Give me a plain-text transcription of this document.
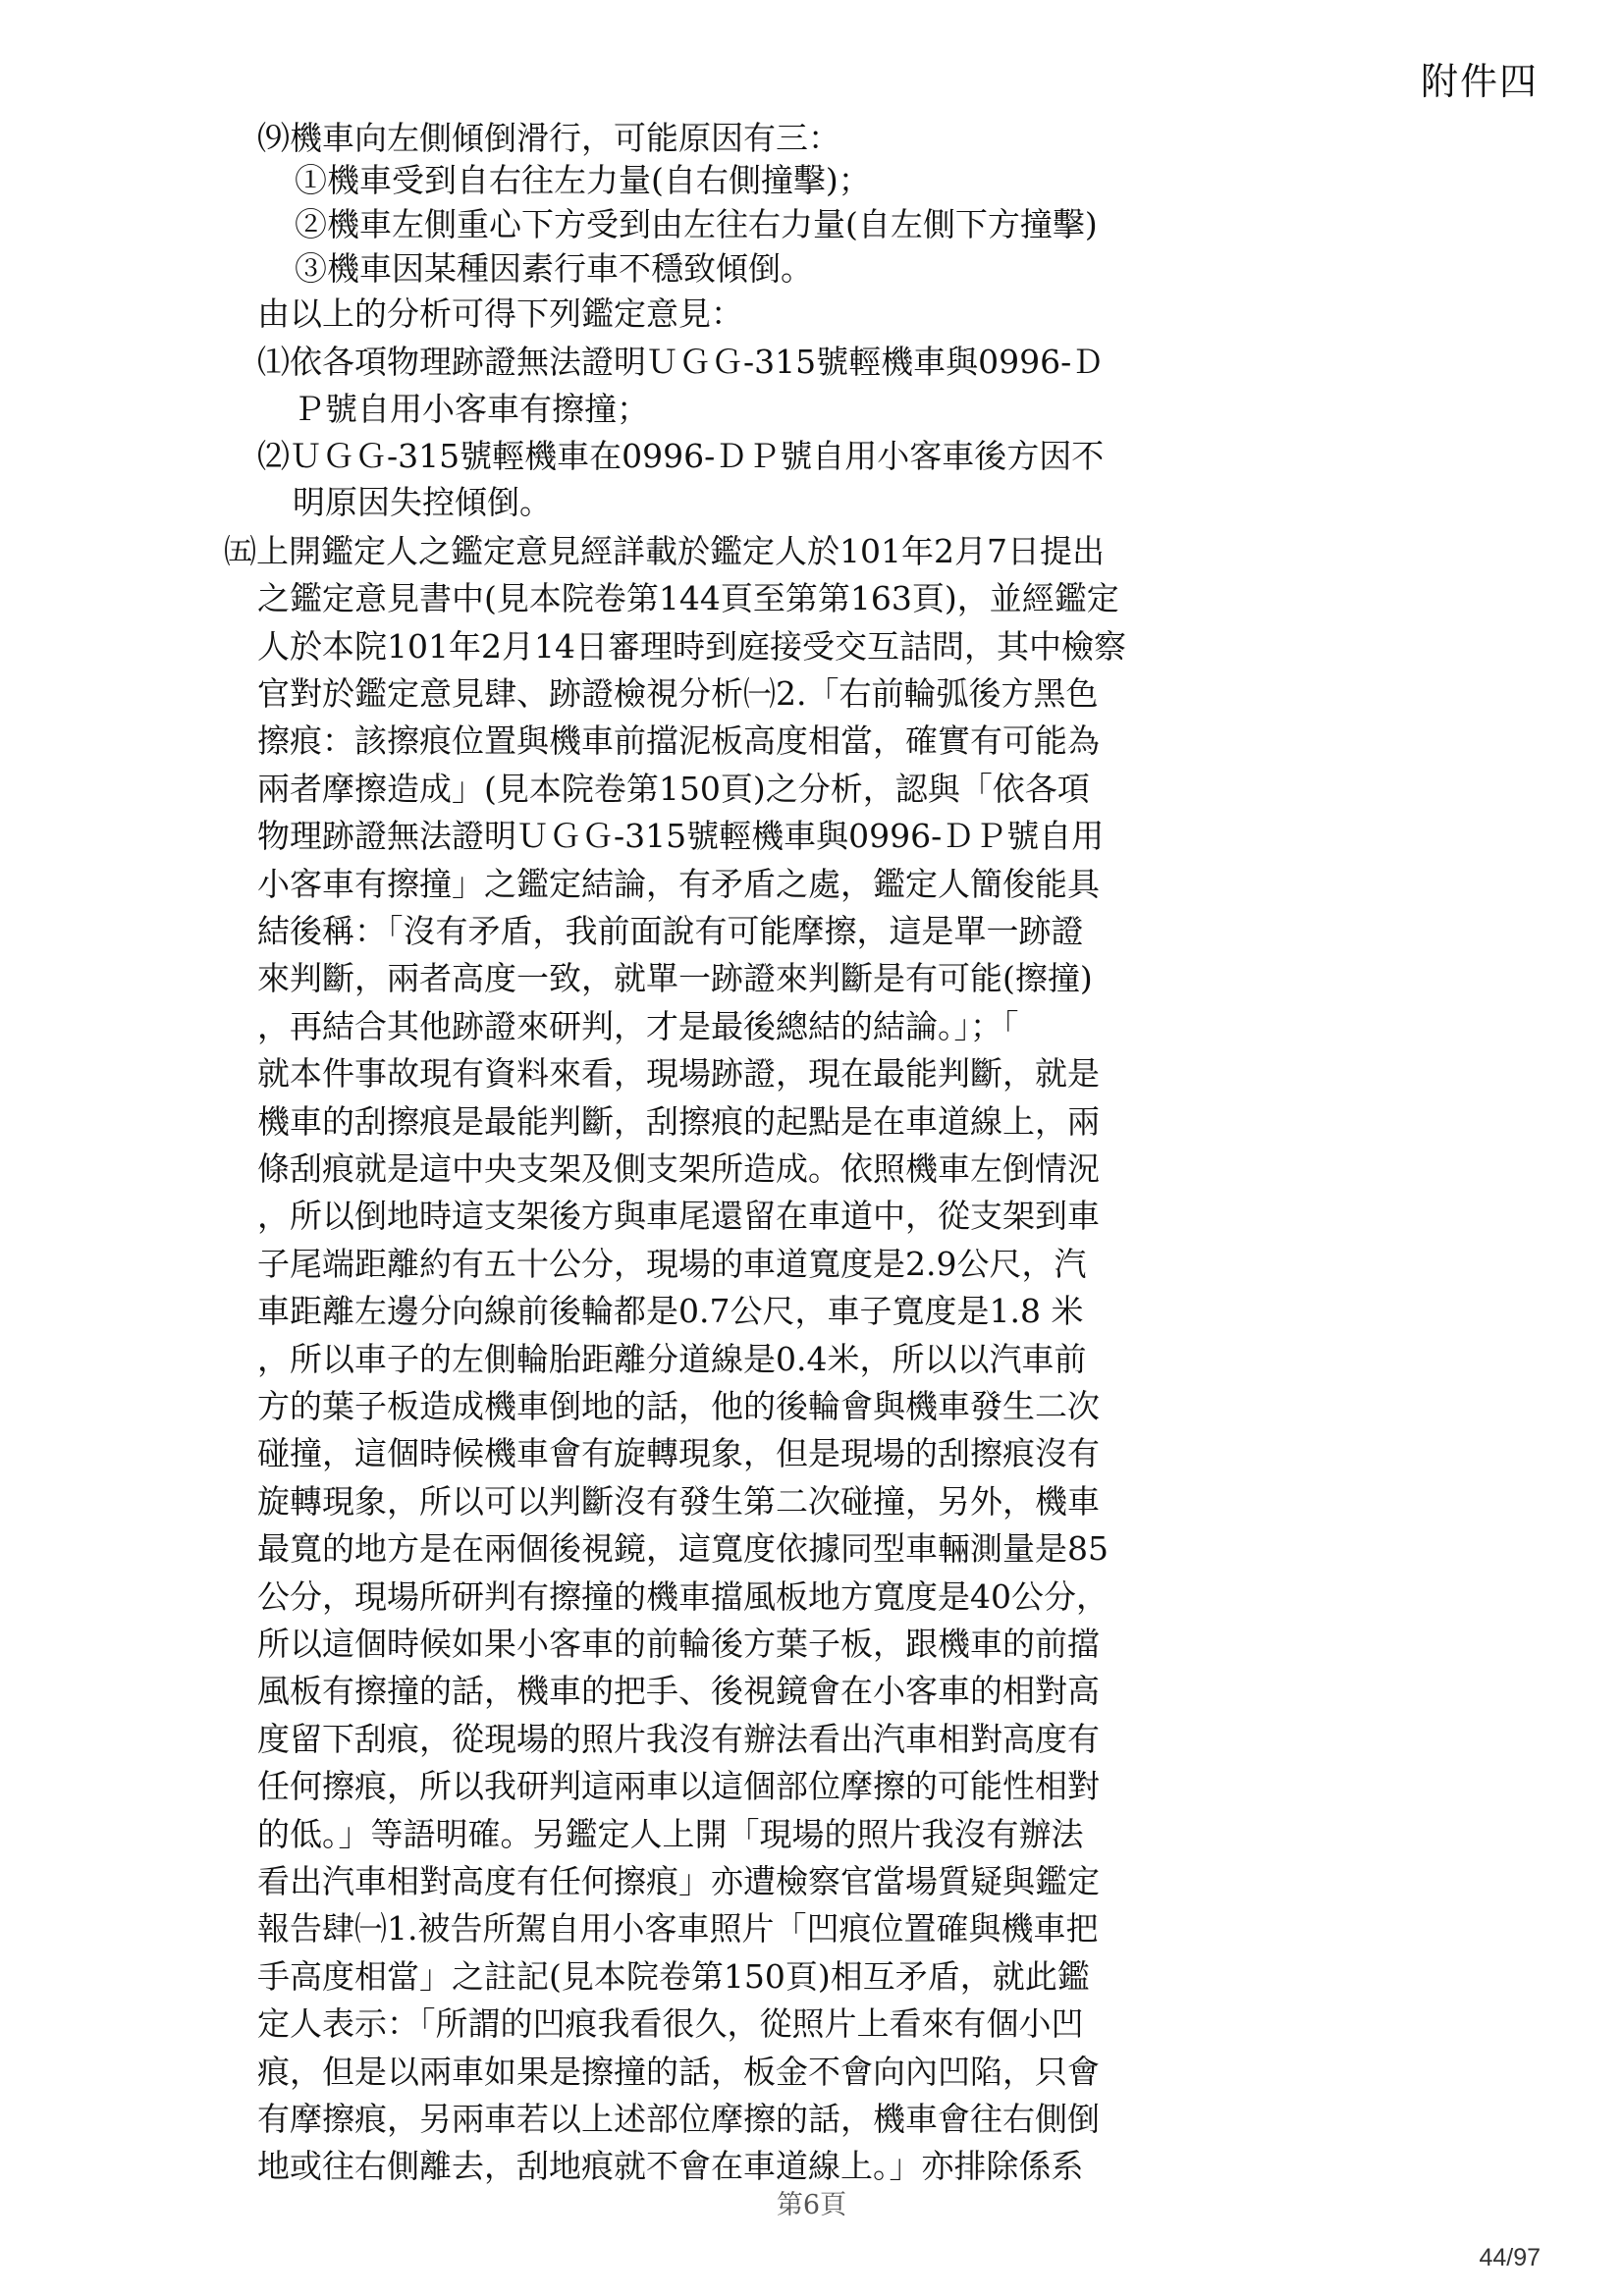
附件四
⑼機車向左側傾倒滑行，可能原因有三：
①機車受到自右往左力量(自右側撞擊)；
②機車左側重心下方受到由左往右力量(自左側下方撞擊)
③機車因某種因素行車不穩致傾倒。
由以上的分析可得下列鑑定意見：
⑴依各項物理跡證無法證明ＵＧＧ-315號輕機車與0996-Ｄ
Ｐ號自用小客車有擦撞；
⑵ＵＧＧ-315號輕機車在0996-ＤＰ號自用小客車後方因不
明原因失控傾倒。
㈤上開鑑定人之鑑定意見經詳載於鑑定人於101年2月7日提出
之鑑定意見書中(見本院卷第144頁至第第163頁)，並經鑑定
人於本院101年2月14日審理時到庭接受交互詰問，其中檢察
官對於鑑定意見肆、跡證檢視分析㈠2.「右前輪弧後方黑色
擦痕：該擦痕位置與機車前擋泥板高度相當，確實有可能為
兩者摩擦造成」(見本院卷第150頁)之分析，認與「依各項
物理跡證無法證明ＵＧＧ-315號輕機車與0996-ＤＰ號自用
小客車有擦撞」之鑑定結論，有矛盾之處，鑑定人簡俊能具
結後稱：「沒有矛盾，我前面說有可能摩擦，這是單一跡證
來判斷，兩者高度一致，就單一跡證來判斷是有可能(擦撞)
，再結合其他跡證來研判，才是最後總結的結論。」；「
就本件事故現有資料來看，現場跡證，現在最能判斷，就是
機車的刮擦痕是最能判斷，刮擦痕的起點是在車道線上，兩
條刮痕就是這中央支架及側支架所造成。依照機車左倒情況
，所以倒地時這支架後方與車尾還留在車道中，從支架到車
子尾端距離約有五十公分，現場的車道寬度是2.9公尺，汽
車距離左邊分向線前後輪都是0.7公尺，車子寬度是1.8 米
，所以車子的左側輪胎距離分道線是0.4米，所以以汽車前
方的葉子板造成機車倒地的話，他的後輪會與機車發生二次
碰撞，這個時候機車會有旋轉現象，但是現場的刮擦痕沒有
旋轉現象，所以可以判斷沒有發生第二次碰撞，另外，機車
最寬的地方是在兩個後視鏡，這寬度依據同型車輛測量是85
公分，現場所研判有擦撞的機車擋風板地方寬度是40公分，
所以這個時候如果小客車的前輪後方葉子板，跟機車的前擋
風板有擦撞的話，機車的把手、後視鏡會在小客車的相對高
度留下刮痕，從現場的照片我沒有辦法看出汽車相對高度有
任何擦痕，所以我研判這兩車以這個部位摩擦的可能性相對
的低。」等語明確。另鑑定人上開「現場的照片我沒有辦法
看出汽車相對高度有任何擦痕」亦遭檢察官當場質疑與鑑定
報告肆㈠1.被告所駕自用小客車照片「凹痕位置確與機車把
手高度相當」之註記(見本院卷第150頁)相互矛盾，就此鑑
定人表示：「所謂的凹痕我看很久，從照片上看來有個小凹
痕，但是以兩車如果是擦撞的話，板金不會向內凹陷，只會
有摩擦痕，另兩車若以上述部位摩擦的話，機車會往右側倒
地或往右側離去，刮地痕就不會在車道線上。」亦排除係系
第6頁
44/97
